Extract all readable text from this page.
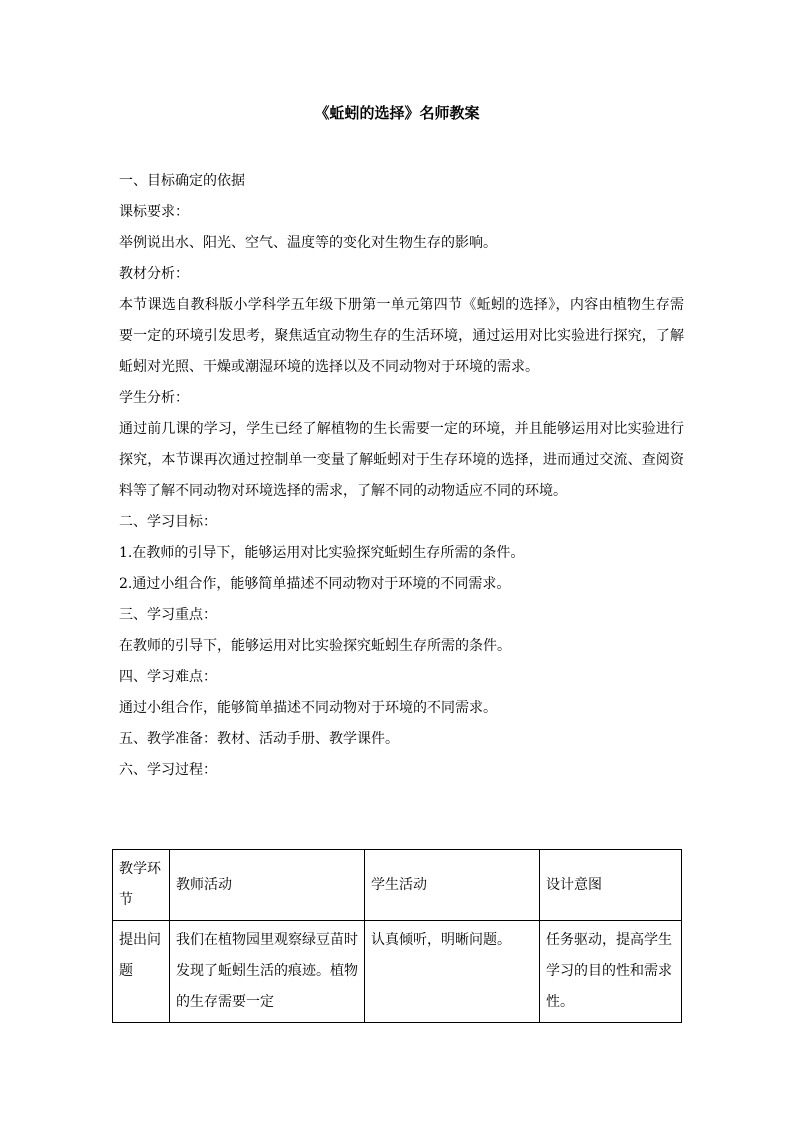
《蚯蚓的选择》名师教案

一、目标确定的依据

课标要求：

举例说出水、阳光、空气、温度等的变化对生物生存的影响。

教材分析：

本节课选自教科版小学科学五年级下册第一单元第四节《蚯蚓的选择》，内容由植物生存需要一定的环境引发思考，聚焦适宜动物生存的生活环境，通过运用对比实验进行探究，了解蚯蚓对光照、干燥或潮湿环境的选择以及不同动物对于环境的需求。

学生分析：

通过前几课的学习，学生已经了解植物的生长需要一定的环境，并且能够运用对比实验进行探究，本节课再次通过控制单一变量了解蚯蚓对于生存环境的选择，进而通过交流、查阅资料等了解不同动物对环境选择的需求，了解不同的动物适应不同的环境。

二、学习目标：

1.在教师的引导下，能够运用对比实验探究蚯蚓生存所需的条件。

2.通过小组合作，能够简单描述不同动物对于环境的不同需求。

三、学习重点：

在教师的引导下，能够运用对比实验探究蚯蚓生存所需的条件。

四、学习难点：

通过小组合作，能够简单描述不同动物对于环境的不同需求。

五、教学准备：教材、活动手册、教学课件。

六、学习过程：

教学环节	教师活动	学生活动	设计意图

提出问题	我们在植物园里观察绿豆苗时发现了蚯蚓生活的痕迹。植物的生存需要一定	认真倾听，明晰问题。	任务驱动，提高学生学习的目的性和需求性。
